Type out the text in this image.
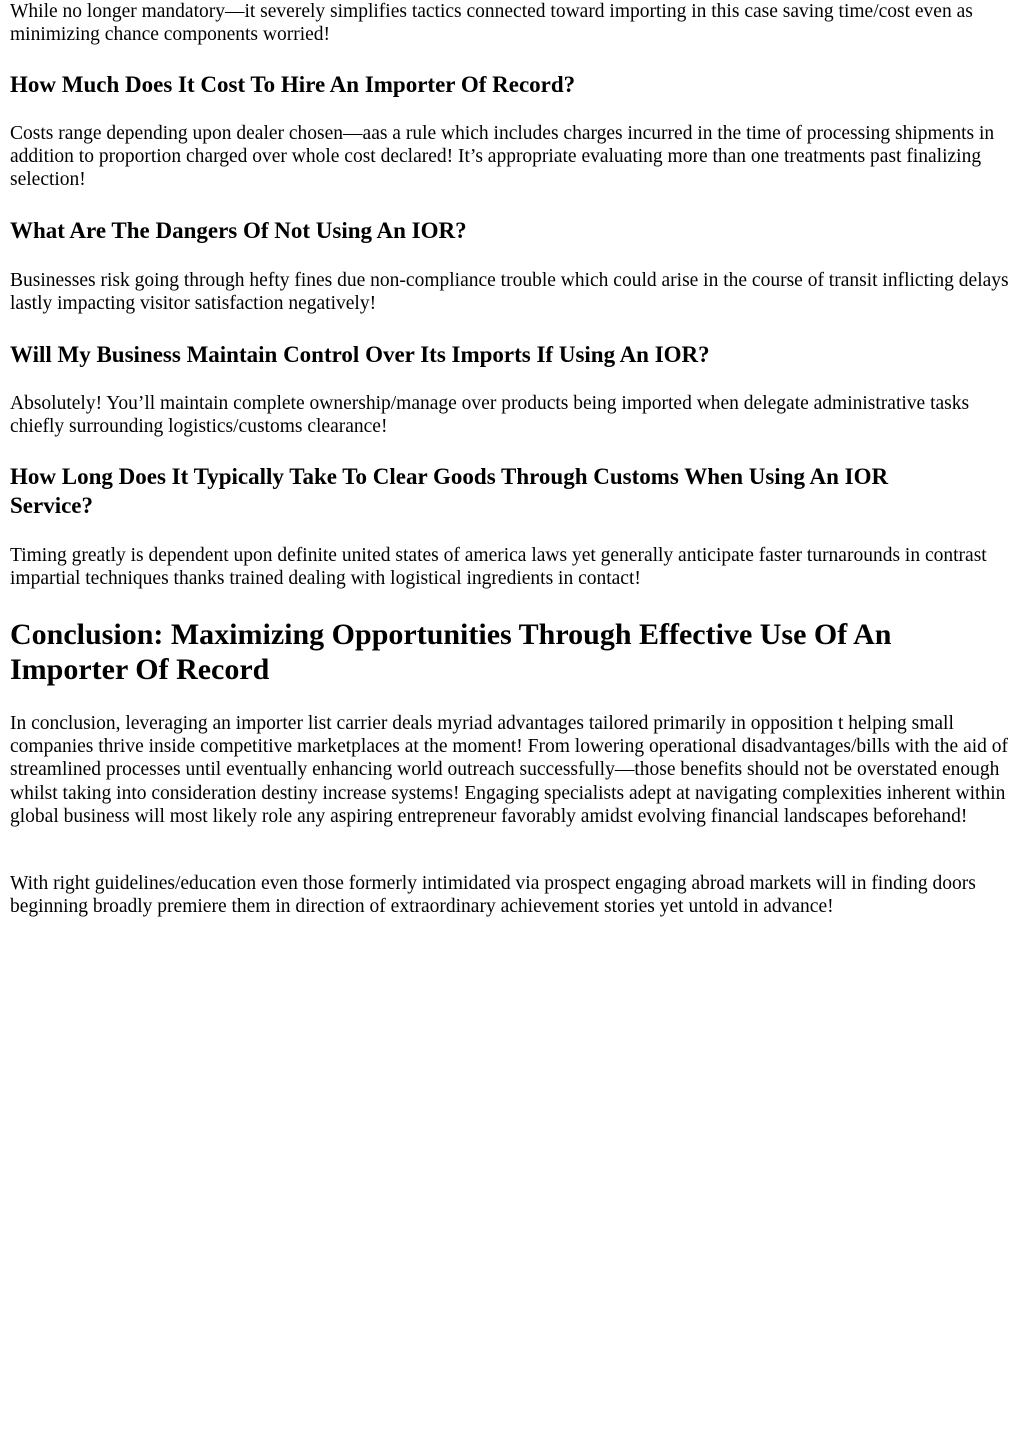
While no longer mandatory—it severely simplifies tactics connected toward importing in this case saving time/cost even as minimizing chance components worried!

How Much Does It Cost To Hire An Importer Of Record?

Costs range depending upon dealer chosen—aas a rule which includes charges incurred in the time of processing shipments in addition to proportion charged over whole cost declared! It’s appropriate evaluating more than one treatments past finalizing selection!

What Are The Dangers Of Not Using An IOR?

Businesses risk going through hefty fines due non-compliance trouble which could arise in the course of transit inflicting delays lastly impacting visitor satisfaction negatively!

Will My Business Maintain Control Over Its Imports If Using An IOR?

Absolutely! You’ll maintain complete ownership/manage over products being imported when delegate administrative tasks chiefly surrounding logistics/customs clearance!

How Long Does It Typically Take To Clear Goods Through Customs When Using An IOR Service?

Timing greatly is dependent upon definite united states of america laws yet generally anticipate faster turnarounds in contrast impartial techniques thanks trained dealing with logistical ingredients in contact!

Conclusion: Maximizing Opportunities Through Effective Use Of An Importer Of Record

In conclusion, leveraging an importer list carrier deals myriad advantages tailored primarily in opposition t helping small companies thrive inside competitive marketplaces at the moment! From lowering operational disadvantages/bills with the aid of streamlined processes until eventually enhancing world outreach successfully—those benefits should not be overstated enough whilst taking into consideration destiny increase systems! Engaging specialists adept at navigating complexities inherent within global business will most likely role any aspiring entrepreneur favorably amidst evolving financial landscapes beforehand!

With right guidelines/education even those formerly intimidated via prospect engaging abroad markets will in finding doors beginning broadly premiere them in direction of extraordinary achievement stories yet untold in advance!
